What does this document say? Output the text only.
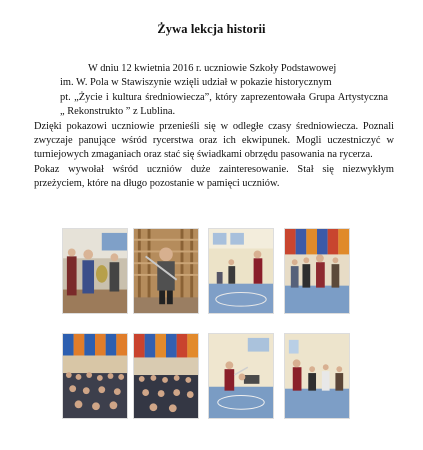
Żywa lekcja historii

W dniu 12 kwietnia 2016 r. uczniowie Szkoły Podstawowej

im. W. Pola w Stawiszynie wzięli udział w pokazie historycznym

pt. „Życie i kultura średniowiecza”, który zaprezentowała Grupa Artystyczna „ Rekonstrukto ” z Lublina.

Dzięki pokazowi uczniowie przenieśli się w odległe czasy średniowiecza. Poznali zwyczaje panujące wśród rycerstwa oraz ich ekwipunek. Mogli uczestniczyć w turniejowych zmaganiach oraz stać się świadkami obrzędu pasowania na rycerza.

Pokaz wywołał wśród uczniów duże zainteresowanie. Stał się niezwykłym przeżyciem, które na długo pozostanie w pamięci uczniów.
